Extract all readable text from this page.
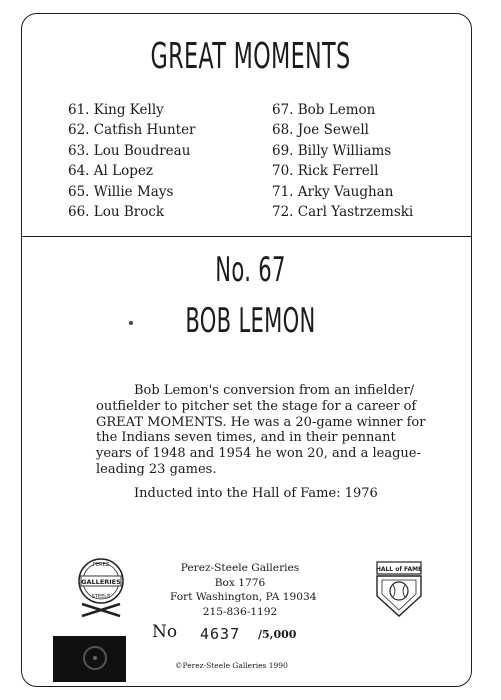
GREAT MOMENTS
61. King Kelly
62. Catfish Hunter
63. Lou Boudreau
64. Al Lopez
65. Willie Mays
66. Lou Brock
67. Bob Lemon
68. Joe Sewell
69. Billy Williams
70. Rick Ferrell
71. Arky Vaughan
72. Carl Yastrzemski
No. 67
BOB LEMON

Bob Lemon's conversion from an infielder/ outfielder to pitcher set the stage for a career of GREAT MOMENTS. He was a 20-game winner for the Indians seven times, and in their pennant years of 1948 and 1954 he won 20, and a league-leading 23 games.

Inducted into the Hall of Fame: 1976

PEREZ
GALLERIES
STEELE
Perez-Steele Galleries
Box 1776
Fort Washington, PA 19034
215-836-1192
HALL of FAME
No 4637 /5,000
©Perez-Steele Galleries 1990
